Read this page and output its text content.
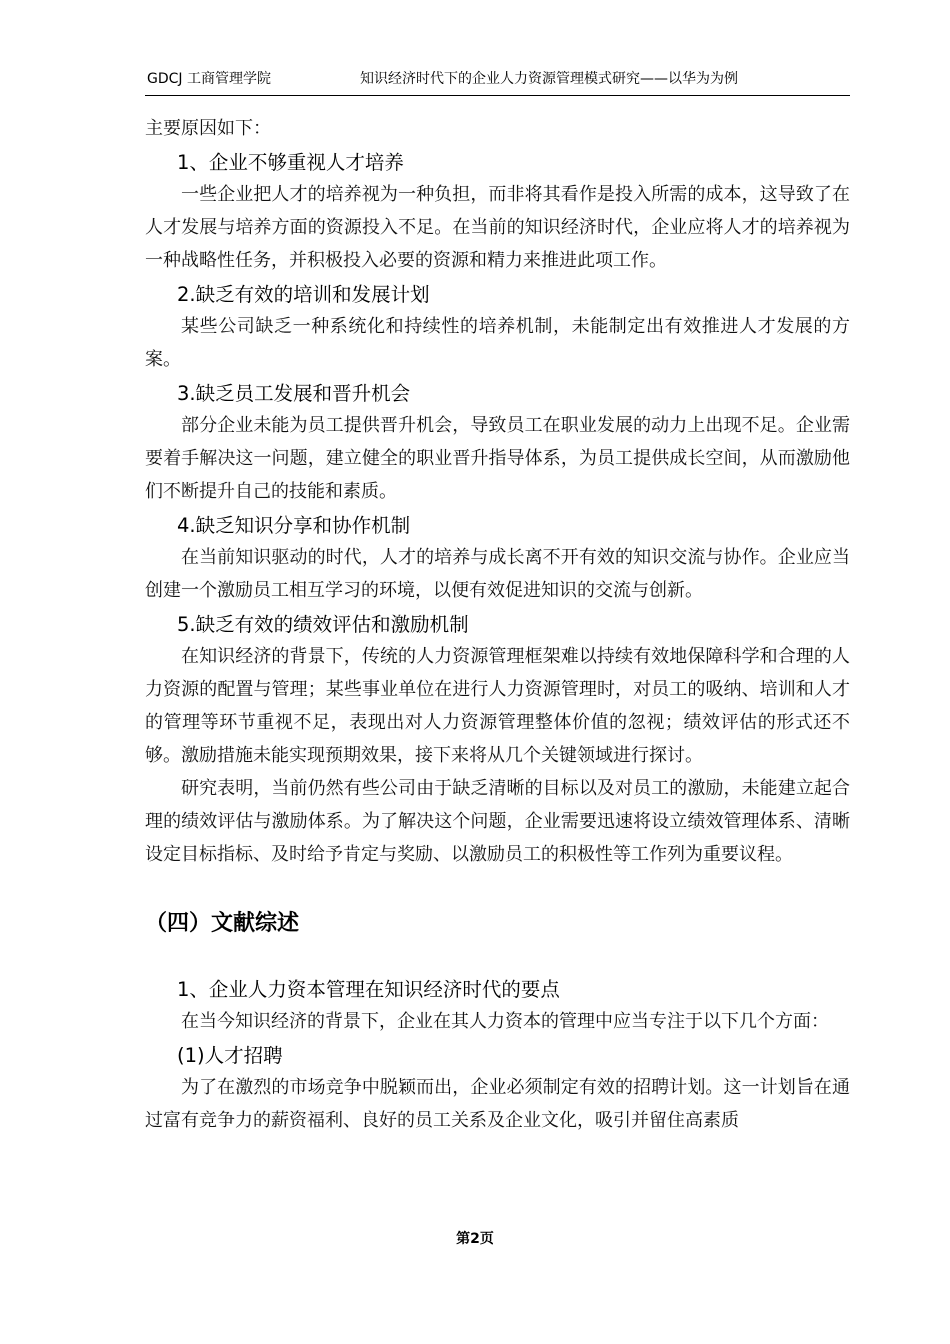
GDCJ 工商管理学院	知识经济时代下的企业人力资源管理模式研究——以华为为例

主要原因如下：

1、企业不够重视人才培养

一些企业把人才的培养视为一种负担，而非将其看作是投入所需的成本，这导致了在人才发展与培养方面的资源投入不足。在当前的知识经济时代，企业应将人才的培养视为一种战略性任务，并积极投入必要的资源和精力来推进此项工作。

2.缺乏有效的培训和发展计划

某些公司缺乏一种系统化和持续性的培养机制，未能制定出有效推进人才发展的方案。

3.缺乏员工发展和晋升机会

部分企业未能为员工提供晋升机会，导致员工在职业发展的动力上出现不足。企业需要着手解决这一问题，建立健全的职业晋升指导体系，为员工提供成长空间，从而激励他们不断提升自己的技能和素质。

4.缺乏知识分享和协作机制

在当前知识驱动的时代，人才的培养与成长离不开有效的知识交流与协作。企业应当创建一个激励员工相互学习的环境，以便有效促进知识的交流与创新。

5.缺乏有效的绩效评估和激励机制

在知识经济的背景下，传统的人力资源管理框架难以持续有效地保障科学和合理的人力资源的配置与管理；某些事业单位在进行人力资源管理时，对员工的吸纳、培训和人才的管理等环节重视不足，表现出对人力资源管理整体价值的忽视；绩效评估的形式还不够。激励措施未能实现预期效果，接下来将从几个关键领域进行探讨。

研究表明，当前仍然有些公司由于缺乏清晰的目标以及对员工的激励，未能建立起合理的绩效评估与激励体系。为了解决这个问题，企业需要迅速将设立绩效管理体系、清晰设定目标指标、及时给予肯定与奖励、以激励员工的积极性等工作列为重要议程。

（四）文献综述
1、企业人力资本管理在知识经济时代的要点

在当今知识经济的背景下，企业在其人力资本的管理中应当专注于以下几个方面：

(1)人才招聘

为了在激烈的市场竞争中脱颖而出，企业必须制定有效的招聘计划。这一计划旨在通过富有竞争力的薪资福利、良好的员工关系及企业文化，吸引并留住高素质

第2页
